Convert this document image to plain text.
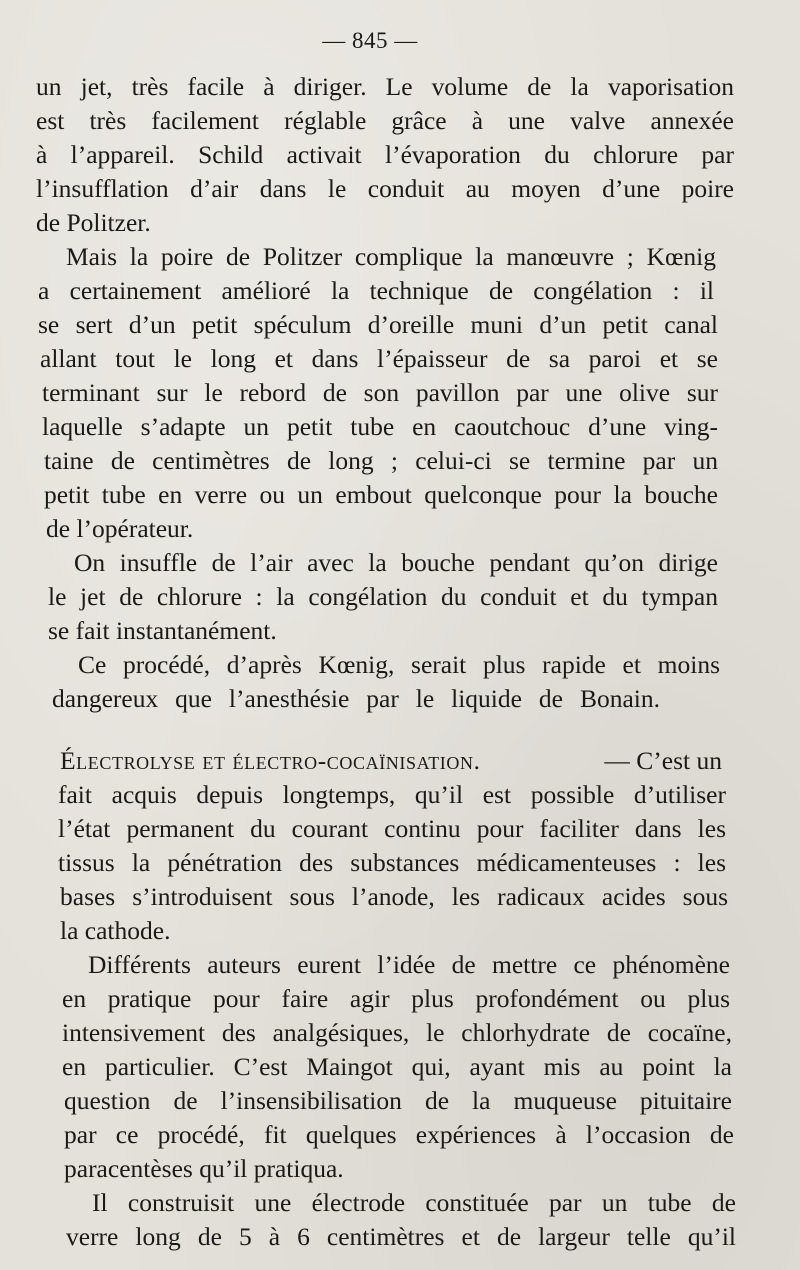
— 845 —
un jet, très facile à diriger. Le volume de la vaporisation
est très facilement réglable grâce à une valve annexée
à l’appareil. Schild activait l’évaporation du chlorure par
l’insufflation d’air dans le conduit au moyen d’une poire
de Politzer.
Mais la poire de Politzer complique la manœuvre ; Kœnig
a certainement amélioré la technique de congélation : il
se sert d’un petit spéculum d’oreille muni d’un petit canal
allant tout le long et dans l’épaisseur de sa paroi et se
terminant sur le rebord de son pavillon par une olive sur
laquelle s’adapte un petit tube en caoutchouc d’une ving-
taine de centimètres de long ; celui-ci se termine par un
petit tube en verre ou un embout quelconque pour la bouche
de l’opérateur.
On insuffle de l’air avec la bouche pendant qu’on dirige
le jet de chlorure : la congélation du conduit et du tympan
se fait instantanément.
Ce procédé, d’après Kœnig, serait plus rapide et moins
dangereux que l’anesthésie par le liquide de Bonain.
Électrolyse et électro-cocaïnisation.	— C’est un
fait acquis depuis longtemps, qu’il est possible d’utiliser
l’état permanent du courant continu pour faciliter dans les
tissus la pénétration des substances médicamenteuses : les
bases s’introduisent sous l’anode, les radicaux acides sous
la cathode.
Différents auteurs eurent l’idée de mettre ce phénomène
en pratique pour faire agir plus profondément ou plus
intensivement des analgésiques, le chlorhydrate de cocaïne,
en particulier. C’est Maingot qui, ayant mis au point la
question de l’insensibilisation de la muqueuse pituitaire
par ce procédé, fit quelques expériences à l’occasion de
paracentèses qu’il pratiqua.
Il construisit une électrode constituée par un tube de
verre long de 5 à 6 centimètres et de largeur telle qu’il
